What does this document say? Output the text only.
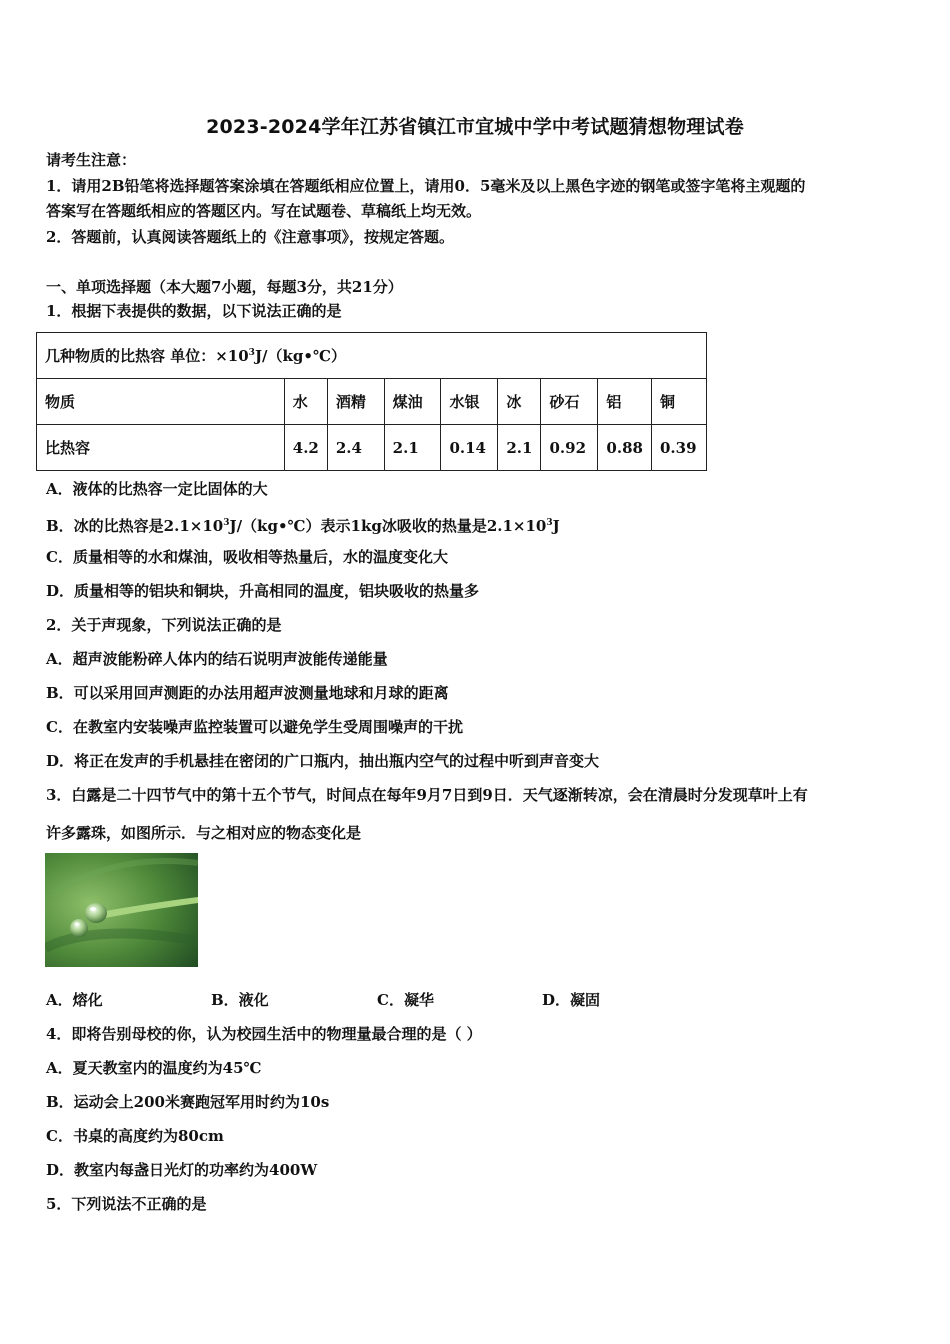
2023-2024学年江苏省镇江市宜城中学中考试题猜想物理试卷
请考生注意：
1．请用2B铅笔将选择题答案涂填在答题纸相应位置上，请用0．5毫米及以上黑色字迹的钢笔或签字笔将主观题的
答案写在答题纸相应的答题区内。写在试题卷、草稿纸上均无效。
2．答题前，认真阅读答题纸上的《注意事项》，按规定答题。
一、单项选择题（本大题7小题，每题3分，共21分）
1．根据下表提供的数据，以下说法正确的是
几种物质的比热容 单位：$\times 10^3J/(kg•℃)$								
物质	水	酒精	煤油	水银	冰	砂石	铝	铜
比热容	4.2	2.4	2.1	0.14	2.1	0.92	0.88	0.39
A．液体的比热容一定比固体的大
B．冰的比热容是$2.1\times 10^3J/(kg•℃)$表示1kg冰吸收的热量是$2.1\times 10^3J$
C．质量相等的水和煤油，吸收相等热量后，水的温度变化大
D．质量相等的铝块和铜块，升高相同的温度，铝块吸收的热量多
2．关于声现象，下列说法正确的是
A．超声波能粉碎人体内的结石说明声波能传递能量
B．可以采用回声测距的办法用超声波测量地球和月球的距离
C．在教室内安装噪声监控装置可以避免学生受周围噪声的干扰
D．将正在发声的手机悬挂在密闭的广口瓶内，抽出瓶内空气的过程中听到声音变大
3．白露是二十四节气中的第十五个节气，时间点在每年9月7日到9日．天气逐渐转凉，会在清晨时分发现草叶上有
许多露珠，如图所示．与之相对应的物态变化是
A．熔化	B．液化	C．凝华	D．凝固
4．即将告别母校的你，认为校园生活中的物理量最合理的是（ ）
A．夏天教室内的温度约为45℃
B．运动会上200米赛跑冠军用时约为10s
C．书桌的高度约为80cm
D．教室内每盏日光灯的功率约为400W
5．下列说法不正确的是
